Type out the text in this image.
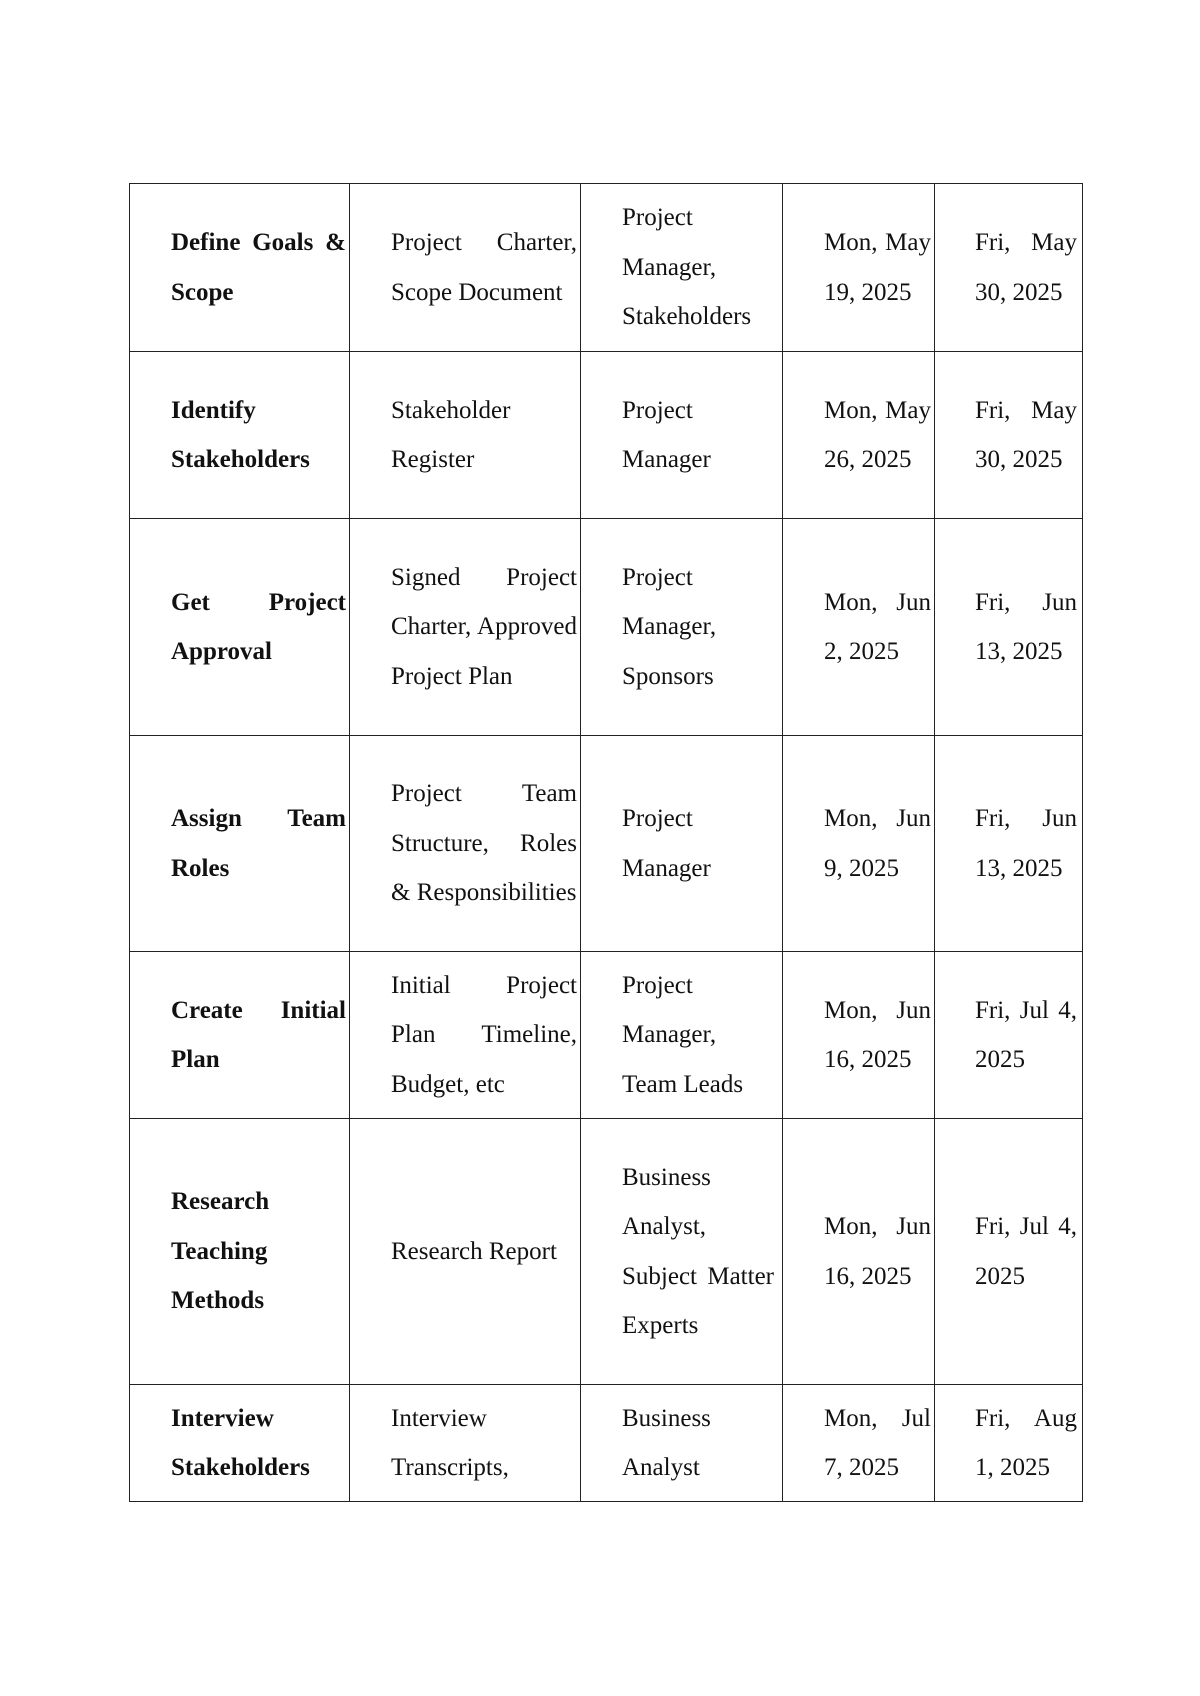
Define Goals & Scope	Project Charter, Scope Document	Project Manager, Stakeholders	Mon, May 19, 2025	Fri, May 30, 2025

Identify Stakeholders	Stakeholder Register	Project Manager	Mon, May 26, 2025	Fri, May 30, 2025

Get Project Approval	Signed Project Charter, Approved Project Plan	Project Manager, Sponsors	Mon, Jun 2, 2025	Fri, Jun 13, 2025

Assign Team Roles	Project Team Structure, Roles & Responsibilities	Project Manager	Mon, Jun 9, 2025	Fri, Jun 13, 2025

Create Initial Plan	Initial Project Plan Timeline, Budget, etc	Project Manager, Team Leads	Mon, Jun 16, 2025	Fri, Jul 4, 2025

Research Teaching Methods	Research Report	Business Analyst, Subject Matter Experts	Mon, Jun 16, 2025	Fri, Jul 4, 2025

Interview Stakeholders	Interview Transcripts,	Business Analyst	Mon, Jul 7, 2025	Fri, Aug 1, 2025
